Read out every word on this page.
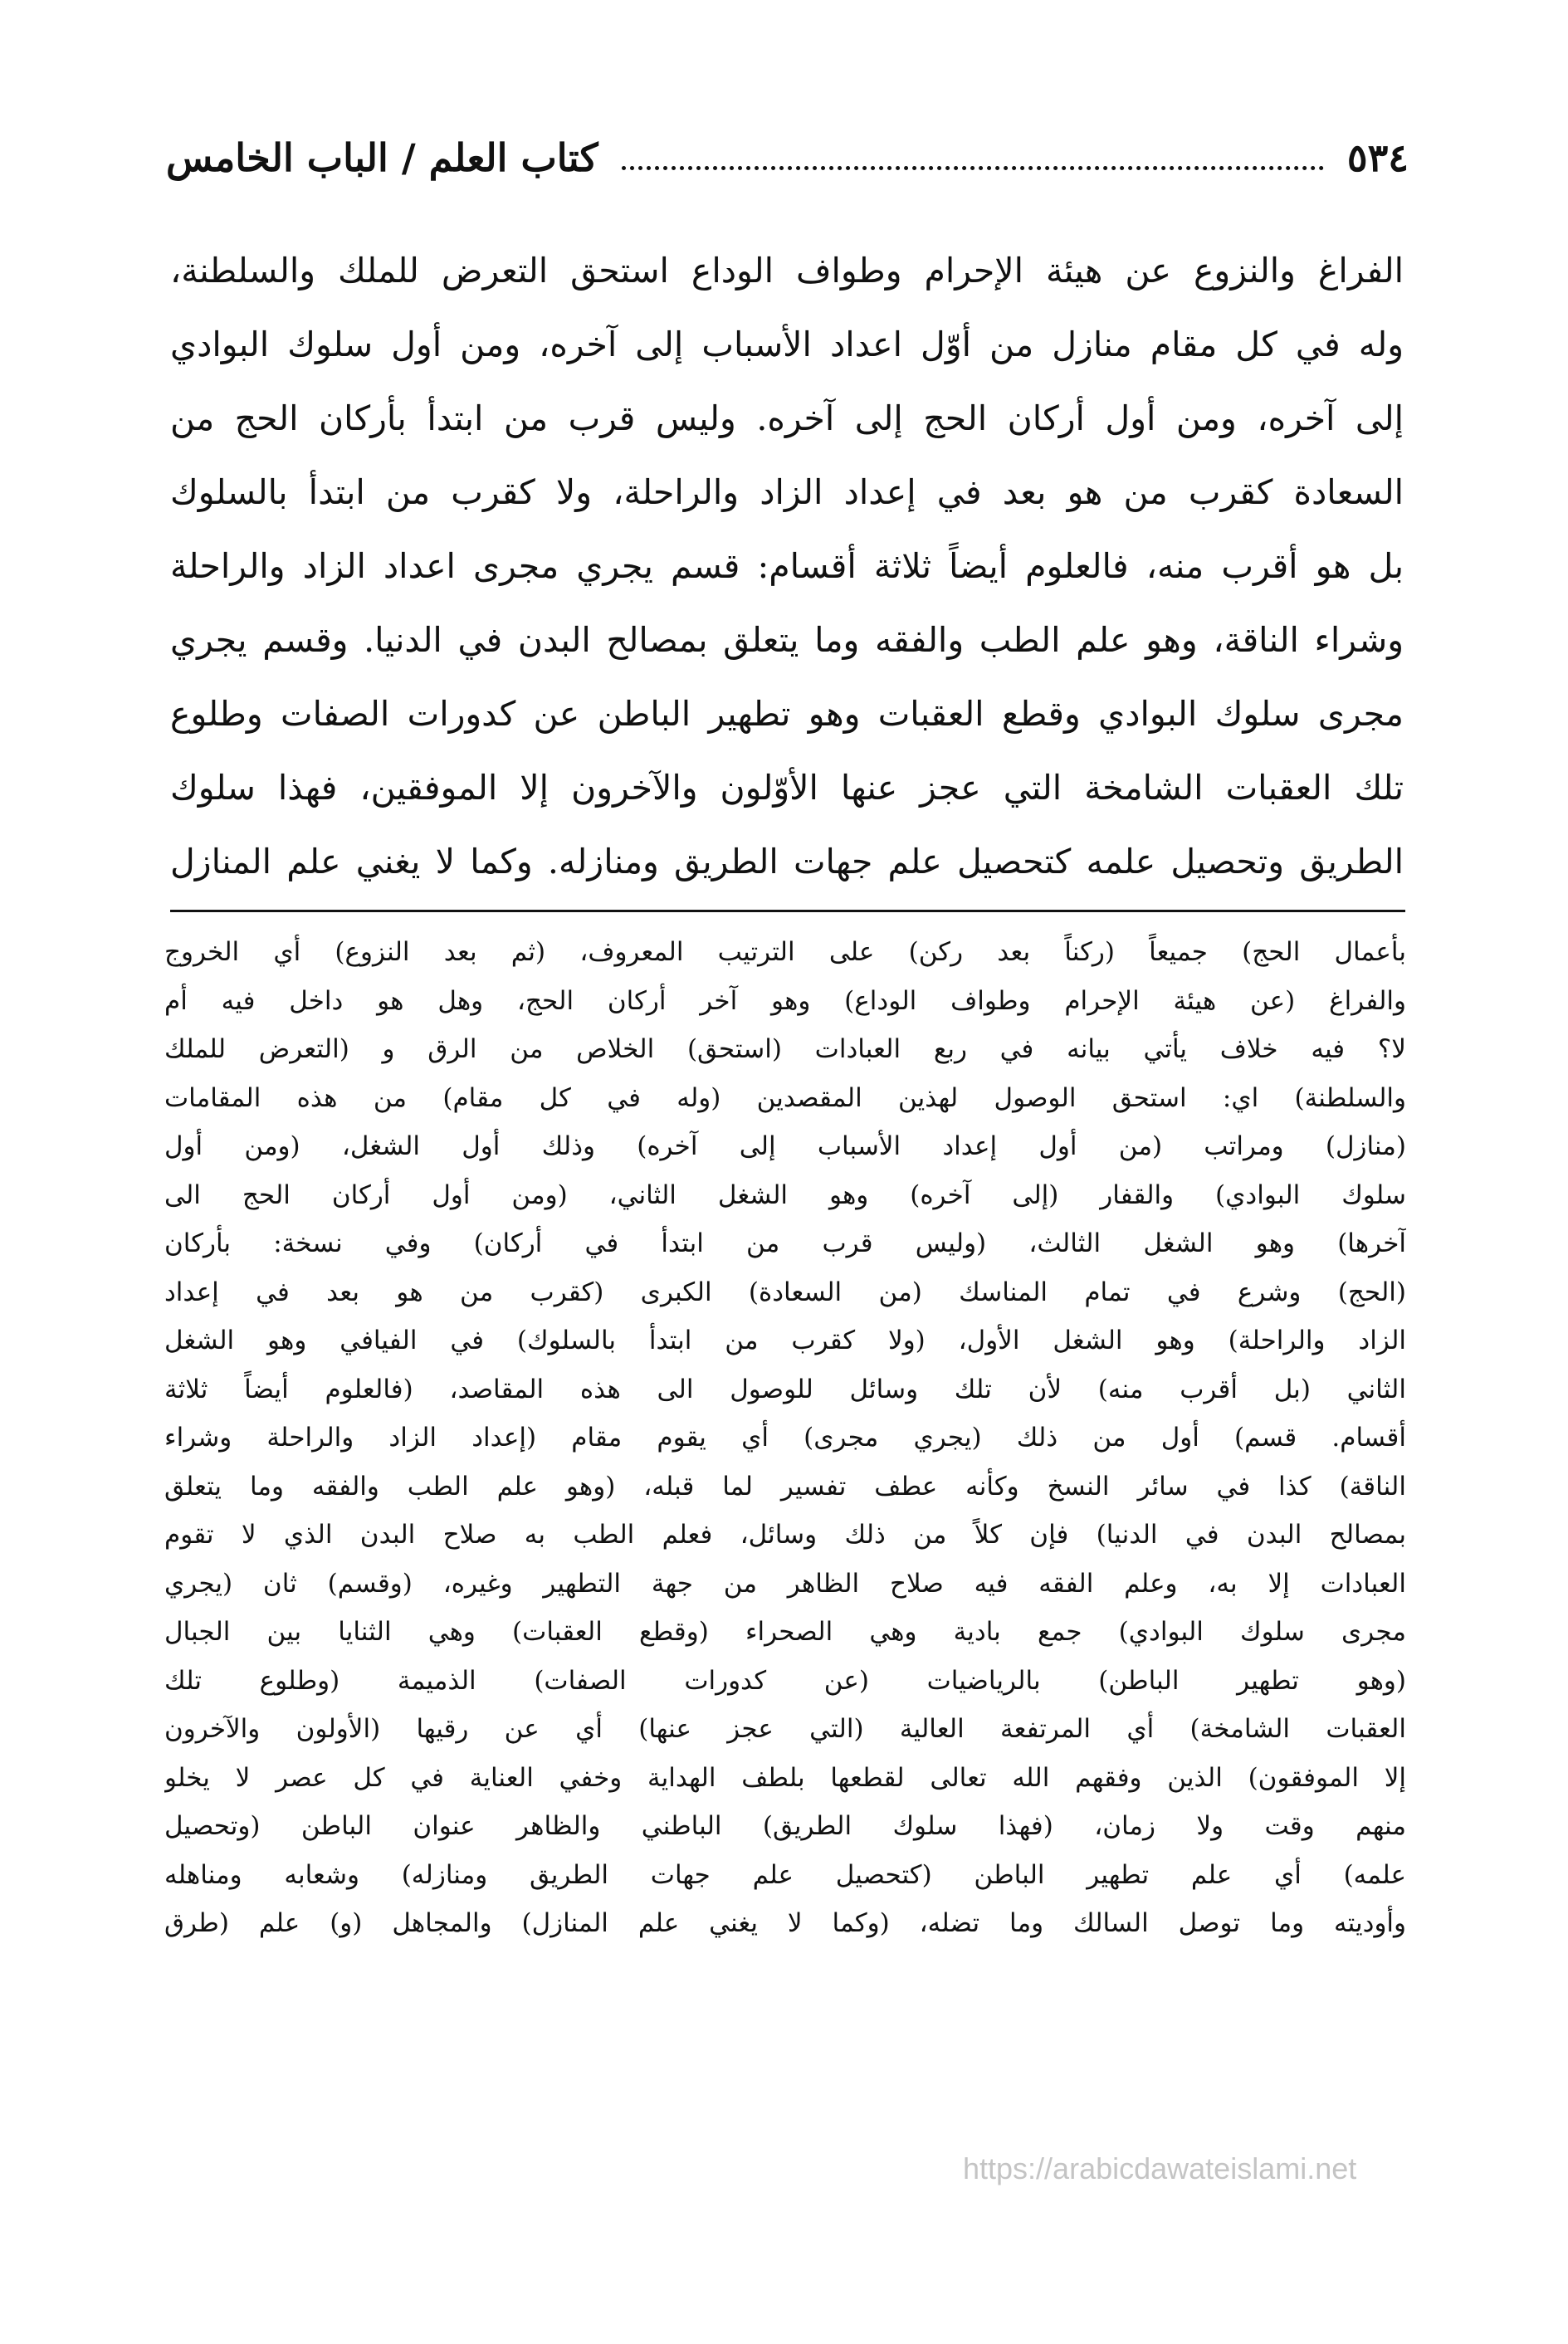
٥٣٤
كتاب العلم / الباب الخامس
الفراغ والنزوع عن هيئة الإحرام وطواف الوداع استحق التعرض للملك والسلطنة،
وله في كل مقام منازل من أوّل اعداد الأسباب إلى آخره، ومن أول سلوك البوادي
إلى آخره، ومن أول أركان الحج إلى آخره. وليس قرب من ابتدأ بأركان الحج من
السعادة كقرب من هو بعد في إعداد الزاد والراحلة، ولا كقرب من ابتدأ بالسلوك
بل هو أقرب منه، فالعلوم أيضاً ثلاثة أقسام: قسم يجري مجرى اعداد الزاد والراحلة
وشراء الناقة، وهو علم الطب والفقه وما يتعلق بمصالح البدن في الدنيا. وقسم يجري
مجرى سلوك البوادي وقطع العقبات وهو تطهير الباطن عن كدورات الصفات وطلوع
تلك العقبات الشامخة التي عجز عنها الأوّلون والآخرون إلا الموفقين، فهذا سلوك
الطريق وتحصيل علمه كتحصيل علم جهات الطريق ومنازله. وكما لا يغني علم المنازل
بأعمال الحج) جميعاً (ركناً بعد ركن) على الترتيب المعروف، (ثم بعد النزوع) أي الخروج
والفراغ (عن هيئة الإحرام وطواف الوداع) وهو آخر أركان الحج، وهل هو داخل فيه أم
لا؟ فيه خلاف يأتي بيانه في ربع العبادات (استحق) الخلاص من الرق و (التعرض للملك
والسلطنة) اي: استحق الوصول لهذين المقصدين (وله في كل مقام) من هذه المقامات
(منازل) ومراتب (من أول إعداد الأسباب إلى آخره) وذلك أول الشغل، (ومن أول
سلوك البوادي) والقفار (إلى آخره) وهو الشغل الثاني، (ومن أول أركان الحج الى
آخرها) وهو الشغل الثالث، (وليس قرب من ابتدأ في أركان) وفي نسخة: بأركان
(الحج) وشرع في تمام المناسك (من السعادة) الكبرى (كقرب من هو بعد في إعداد
الزاد والراحلة) وهو الشغل الأول، (ولا كقرب من ابتدأ بالسلوك) في الفيافي وهو الشغل
الثاني (بل أقرب منه) لأن تلك وسائل للوصول الى هذه المقاصد، (فالعلوم أيضاً ثلاثة
أقسام. قسم) أول من ذلك (يجري مجرى) أي يقوم مقام (إعداد الزاد والراحلة وشراء
الناقة) كذا في سائر النسخ وكأنه عطف تفسير لما قبله، (وهو علم الطب والفقه وما يتعلق
بمصالح البدن في الدنيا) فإن كلاً من ذلك وسائل، فعلم الطب به صلاح البدن الذي لا تقوم
العبادات إلا به، وعلم الفقه فيه صلاح الظاهر من جهة التطهير وغيره، (وقسم) ثان (يجري
مجرى سلوك البوادي) جمع بادية وهي الصحراء (وقطع العقبات) وهي الثنايا بين الجبال
(وهو تطهير الباطن) بالرياضيات (عن كدورات الصفات) الذميمة (وطلوع تلك
العقبات الشامخة) أي المرتفعة العالية (التي عجز عنها) أي عن رقيها (الأولون والآخرون
إلا الموفقون) الذين وفقهم الله تعالى لقطعها بلطف الهداية وخفي العناية في كل عصر لا يخلو
منهم وقت ولا زمان، (فهذا سلوك الطريق) الباطني والظاهر عنوان الباطن (وتحصيل
علمه) أي علم تطهير الباطن (كتحصيل علم جهات الطريق ومنازله) وشعابه ومناهله
وأوديته وما توصل السالك وما تضله، (وكما لا يغني علم المنازل) والمجاهل (و) علم (طرق
https://arabicdawateislami.net
